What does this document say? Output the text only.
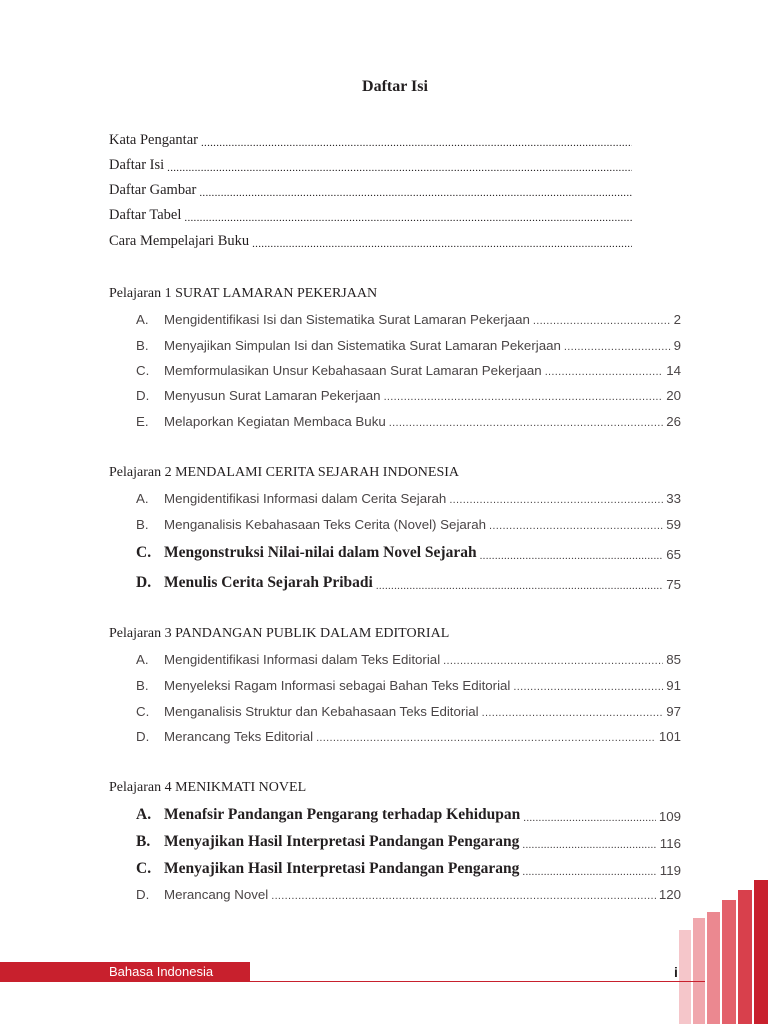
Daftar Isi
Kata Pengantar
.....
Daftar Isi
.....
Daftar Gambar
.....
Daftar Tabel
.....
Cara Mempelajari Buku
.....
Pelajaran 1 SURAT LAMARAN PEKERJAAN
A.	Mengidentifikasi Isi dan Sistematika Surat Lamaran Pekerjaan .....	2
B.	Menyajikan Simpulan Isi dan Sistematika Surat Lamaran Pekerjaan .....	9
C.	Memformulasikan Unsur Kebahasaan Surat Lamaran Pekerjaan .....	14
D.	Menyusun Surat Lamaran Pekerjaan .....	20
E.	Melaporkan Kegiatan Membaca Buku .....	26
Pelajaran 2 MENDALAMI CERITA SEJARAH INDONESIA
A.	Mengidentifikasi Informasi dalam Cerita Sejarah .....	33
B.	Menganalisis Kebahasaan Teks Cerita (Novel) Sejarah .....	59
C. Mengonstruksi Nilai-nilai dalam Novel Sejarah .....	65
D. Menulis Cerita Sejarah Pribadi .....	75
Pelajaran 3 PANDANGAN PUBLIK DALAM EDITORIAL
A.	Mengidentifikasi Informasi dalam Teks Editorial .....	85
B.	Menyeleksi Ragam Informasi sebagai Bahan Teks Editorial .....	91
C.	Menganalisis Struktur dan Kebahasaan Teks Editorial .....	97
D.	Merancang Teks Editorial .....	101
Pelajaran 4 MENIKMATI NOVEL
A. Menafsir Pandangan Pengarang terhadap Kehidupan .....	109
B. Menyajikan Hasil Interpretasi Pandangan Pengarang .....	116
C. Menyajikan Hasil Interpretasi Pandangan Pengarang .....	119
D.	Merancang Novel .....	120
Bahasa Indonesia	i
